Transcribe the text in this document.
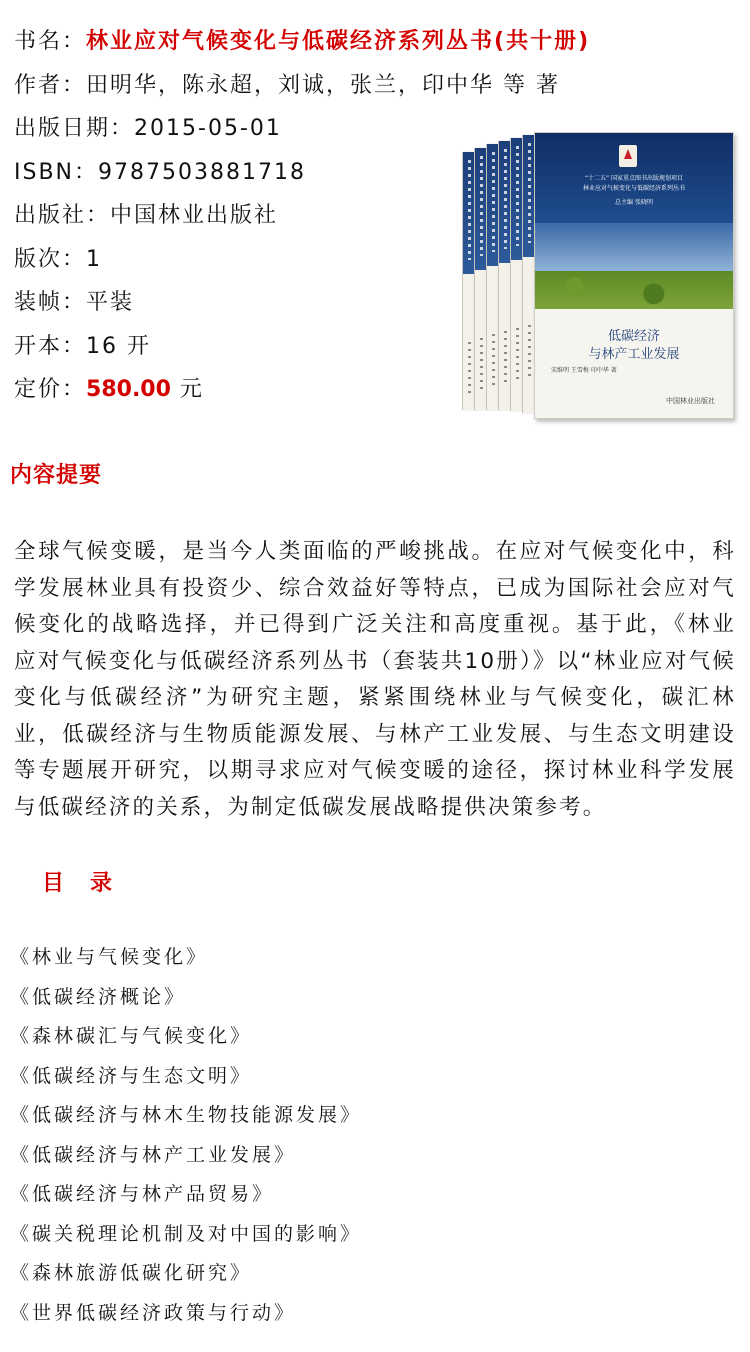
书名：林业应对气候变化与低碳经济系列丛书(共十册)
作者：田明华，陈永超，刘诚，张兰，印中华 等 著
出版日期：2015-05-01
ISBN：9787503881718
出版社：中国林业出版社
版次：1
装帧：平装
开本：16 开
定价：580.00 元
“十二五” 国家重点图书出版规划项目
林业应对气候变化与低碳经济系列丛书
总主编 张晓明
低碳经济
与林产工业发展
宋维明 王雪梅 印中华 著
中国林业出版社
内容提要
全球气候变暖，是当今人类面临的严峻挑战。在应对气候变化中，科学发展林业具有投资少、综合效益好等特点，已成为国际社会应对气候变化的战略选择，并已得到广泛关注和高度重视。基于此，《林业应对气候变化与低碳经济系列丛书（套装共10册）》以“林业应对气候变化与低碳经济”为研究主题，紧紧围绕林业与气候变化，碳汇林业，低碳经济与生物质能源发展、与林产工业发展、与生态文明建设等专题展开研究，以期寻求应对气候变暖的途径，探讨林业科学发展与低碳经济的关系，为制定低碳发展战略提供决策参考。
目录
《林业与气候变化》
《低碳经济概论》
《森林碳汇与气候变化》
《低碳经济与生态文明》
《低碳经济与林木生物技能源发展》
《低碳经济与林产工业发展》
《低碳经济与林产品贸易》
《碳关税理论机制及对中国的影响》
《森林旅游低碳化研究》
《世界低碳经济政策与行动》
